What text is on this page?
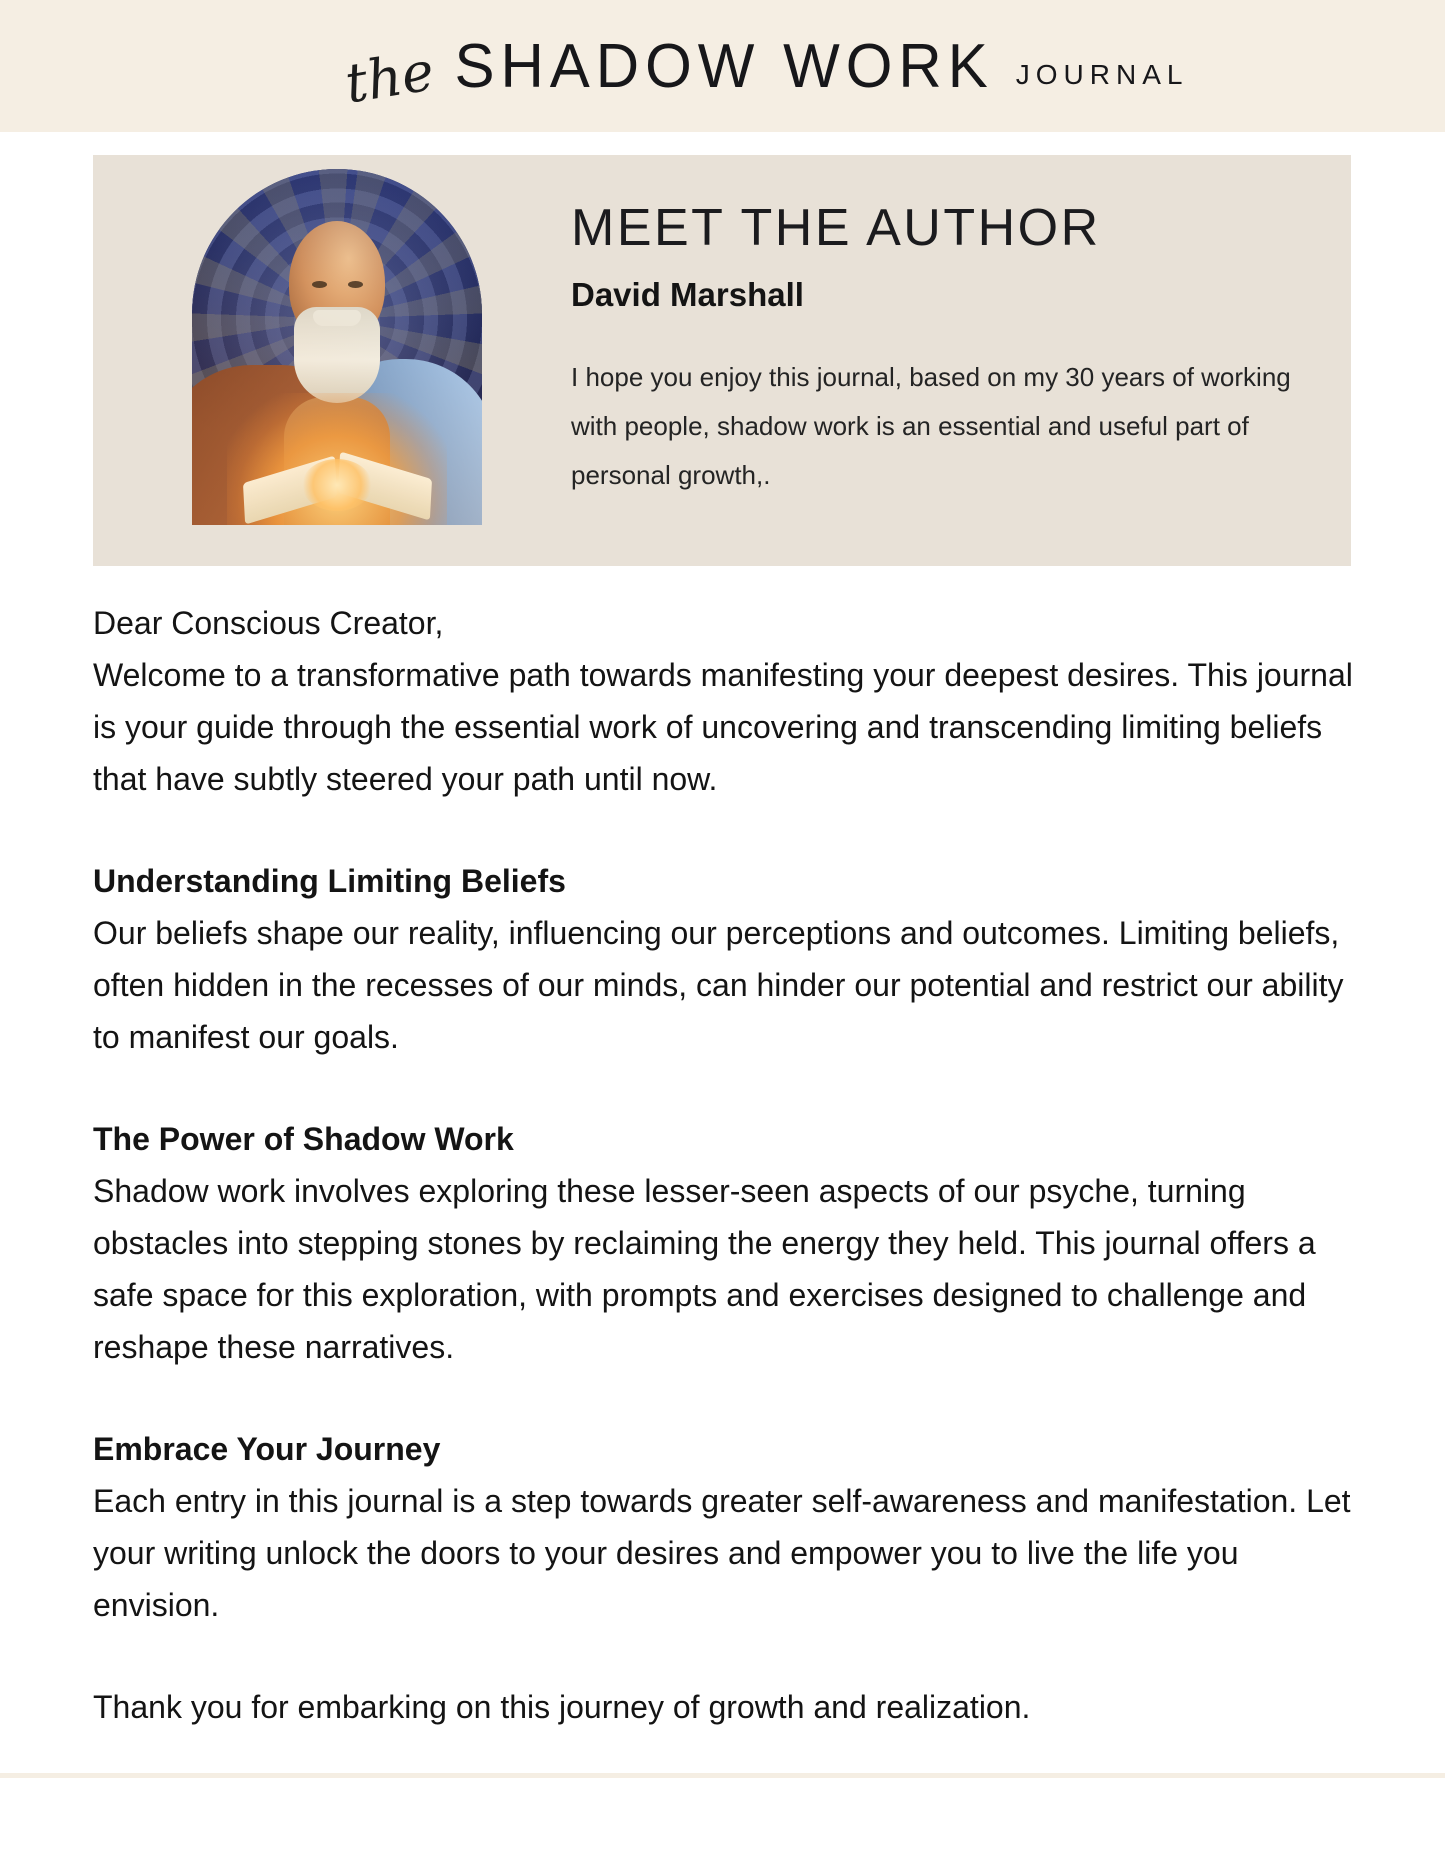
the SHADOW WORK JOURNAL
MEET THE AUTHOR
David Marshall

I hope you enjoy this journal, based on my 30 years of working with people, shadow work is an essential and useful part of personal growth,.

Dear Conscious Creator,

Welcome to a transformative path towards manifesting your deepest desires. This journal is your guide through the essential work of uncovering and transcending limiting beliefs that have subtly steered your path until now.

Understanding Limiting Beliefs

Our beliefs shape our reality, influencing our perceptions and outcomes. Limiting beliefs, often hidden in the recesses of our minds, can hinder our potential and restrict our ability to manifest our goals.

The Power of Shadow Work

Shadow work involves exploring these lesser-seen aspects of our psyche, turning obstacles into stepping stones by reclaiming the energy they held. This journal offers a safe space for this exploration, with prompts and exercises designed to challenge and reshape these narratives.

Embrace Your Journey

Each entry in this journal is a step towards greater self-awareness and manifestation. Let your writing unlock the doors to your desires and empower you to live the life you envision.

Thank you for embarking on this journey of growth and realization.
